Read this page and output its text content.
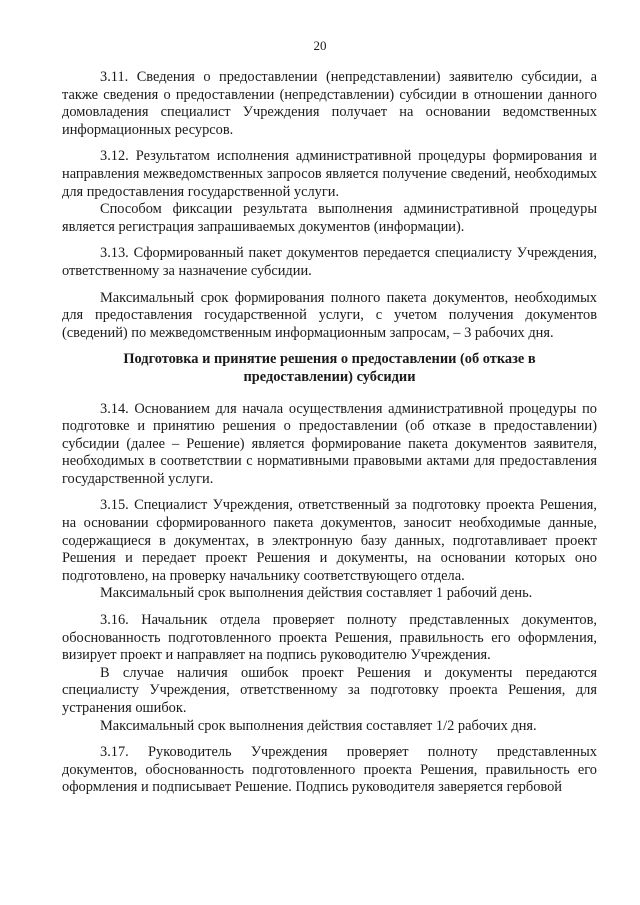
20

3.11. Сведения о предоставлении (непредставлении) заявителю субсидии, а также сведения о предоставлении (непредставлении) субсидии в отношении данного домовладения специалист Учреждения получает на основании ведомственных информационных ресурсов.

3.12. Результатом исполнения административной процедуры формирования и направления межведомственных запросов является получение сведений, необходимых для предоставления государственной услуги.

Способом фиксации результата выполнения административной процедуры является регистрация запрашиваемых документов (информации).

3.13. Сформированный пакет документов передается специалисту Учреждения, ответственному за назначение субсидии.

Максимальный срок формирования полного пакета документов, необходимых для предоставления государственной услуги, с учетом получения документов (сведений) по межведомственным информационным запросам, – 3 рабочих дня.

Подготовка и принятие решения о предоставлении (об отказе в предоставлении) субсидии

3.14. Основанием для начала осуществления административной процедуры по подготовке и принятию решения о предоставлении (об отказе в предоставлении) субсидии (далее – Решение) является формирование пакета документов заявителя, необходимых в соответствии с нормативными правовыми актами для предоставления государственной услуги.

3.15. Специалист Учреждения, ответственный за подготовку проекта Решения, на основании сформированного пакета документов, заносит необходимые данные, содержащиеся в документах, в электронную базу данных, подготавливает проект Решения и передает проект Решения и документы, на основании которых оно подготовлено, на проверку начальнику соответствующего отдела.

Максимальный срок выполнения действия составляет 1 рабочий день.

3.16. Начальник отдела проверяет полноту представленных документов, обоснованность подготовленного проекта Решения, правильность его оформления, визирует проект и направляет на подпись руководителю Учреждения.

В случае наличия ошибок проект Решения и документы передаются специалисту Учреждения, ответственному за подготовку проекта Решения, для устранения ошибок.

Максимальный срок выполнения действия составляет 1/2 рабочих дня.

3.17. Руководитель Учреждения проверяет полноту представленных документов, обоснованность подготовленного проекта Решения, правильность его оформления и подписывает Решение. Подпись руководителя заверяется гербовой
